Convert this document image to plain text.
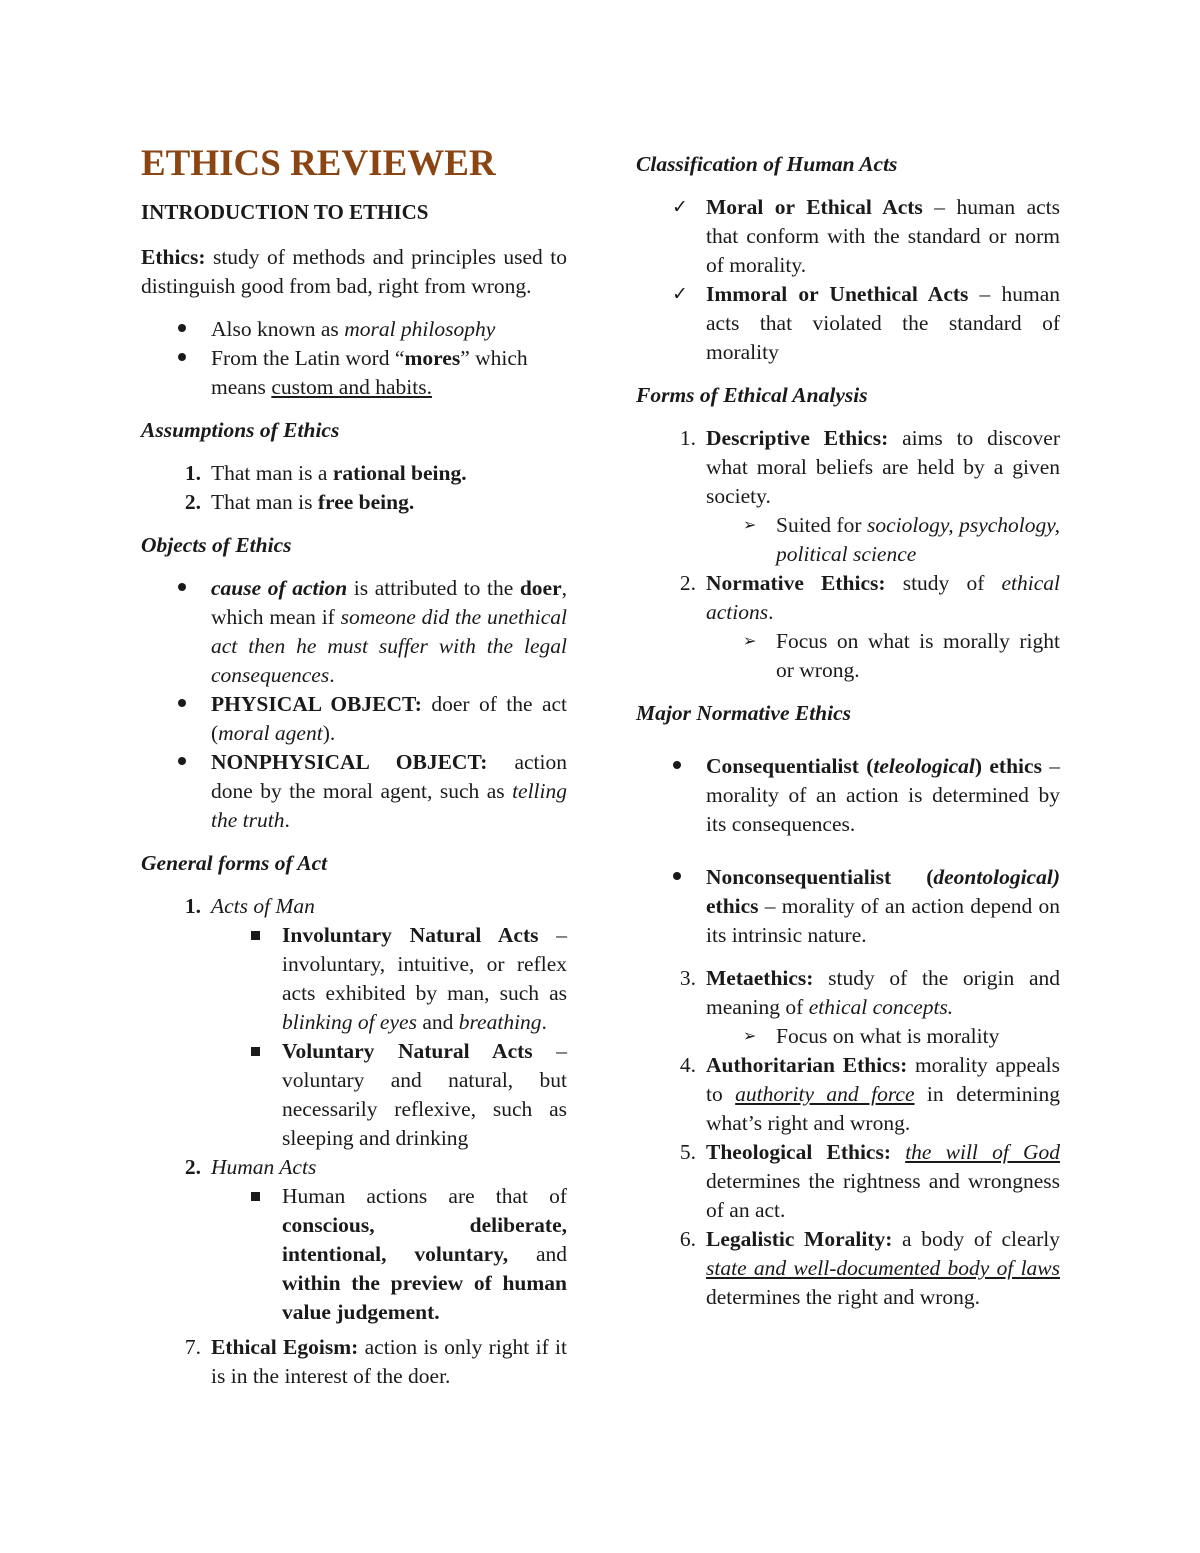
ETHICS REVIEWER

INTRODUCTION TO ETHICS

Ethics: study of methods and principles used to distinguish good from bad, right from wrong.

Also known as moral philosophy
From the Latin word “mores” which means custom and habits.

Assumptions of Ethics

1. That man is a rational being.
2. That man is free being.

Objects of Ethics

cause of action is attributed to the doer, which mean if someone did the unethical act then he must suffer with the legal consequences.
PHYSICAL OBJECT: doer of the act (moral agent).
NONPHYSICAL OBJECT: action done by the moral agent, such as telling the truth.

General forms of Act

1. Acts of Man
Involuntary Natural Acts – involuntary, intuitive, or reflex acts exhibited by man, such as blinking of eyes and breathing.
Voluntary Natural Acts – voluntary and natural, but necessarily reflexive, such as sleeping and drinking
2. Human Acts
Human actions are that of conscious, deliberate, intentional, voluntary, and within the preview of human value judgement.
7. Ethical Egoism: action is only right if it is in the interest of the doer.

Classification of Human Acts

✓ Moral or Ethical Acts – human acts that conform with the standard or norm of morality.
✓ Immoral or Unethical Acts – human acts that violated the standard of morality

Forms of Ethical Analysis

1. Descriptive Ethics: aims to discover what moral beliefs are held by a given society.
➢ Suited for sociology, psychology, political science
2. Normative Ethics: study of ethical actions.
➢ Focus on what is morally right or wrong.

Major Normative Ethics

Consequentialist (teleological) ethics – morality of an action is determined by its consequences.
Nonconsequentialist (deontological) ethics – morality of an action depend on its intrinsic nature.
3. Metaethics: study of the origin and meaning of ethical concepts.
➢ Focus on what is morality
4. Authoritarian Ethics: morality appeals to authority and force in determining what’s right and wrong.
5. Theological Ethics: the will of God determines the rightness and wrongness of an act.
6. Legalistic Morality: a body of clearly state and well-documented body of laws determines the right and wrong.
